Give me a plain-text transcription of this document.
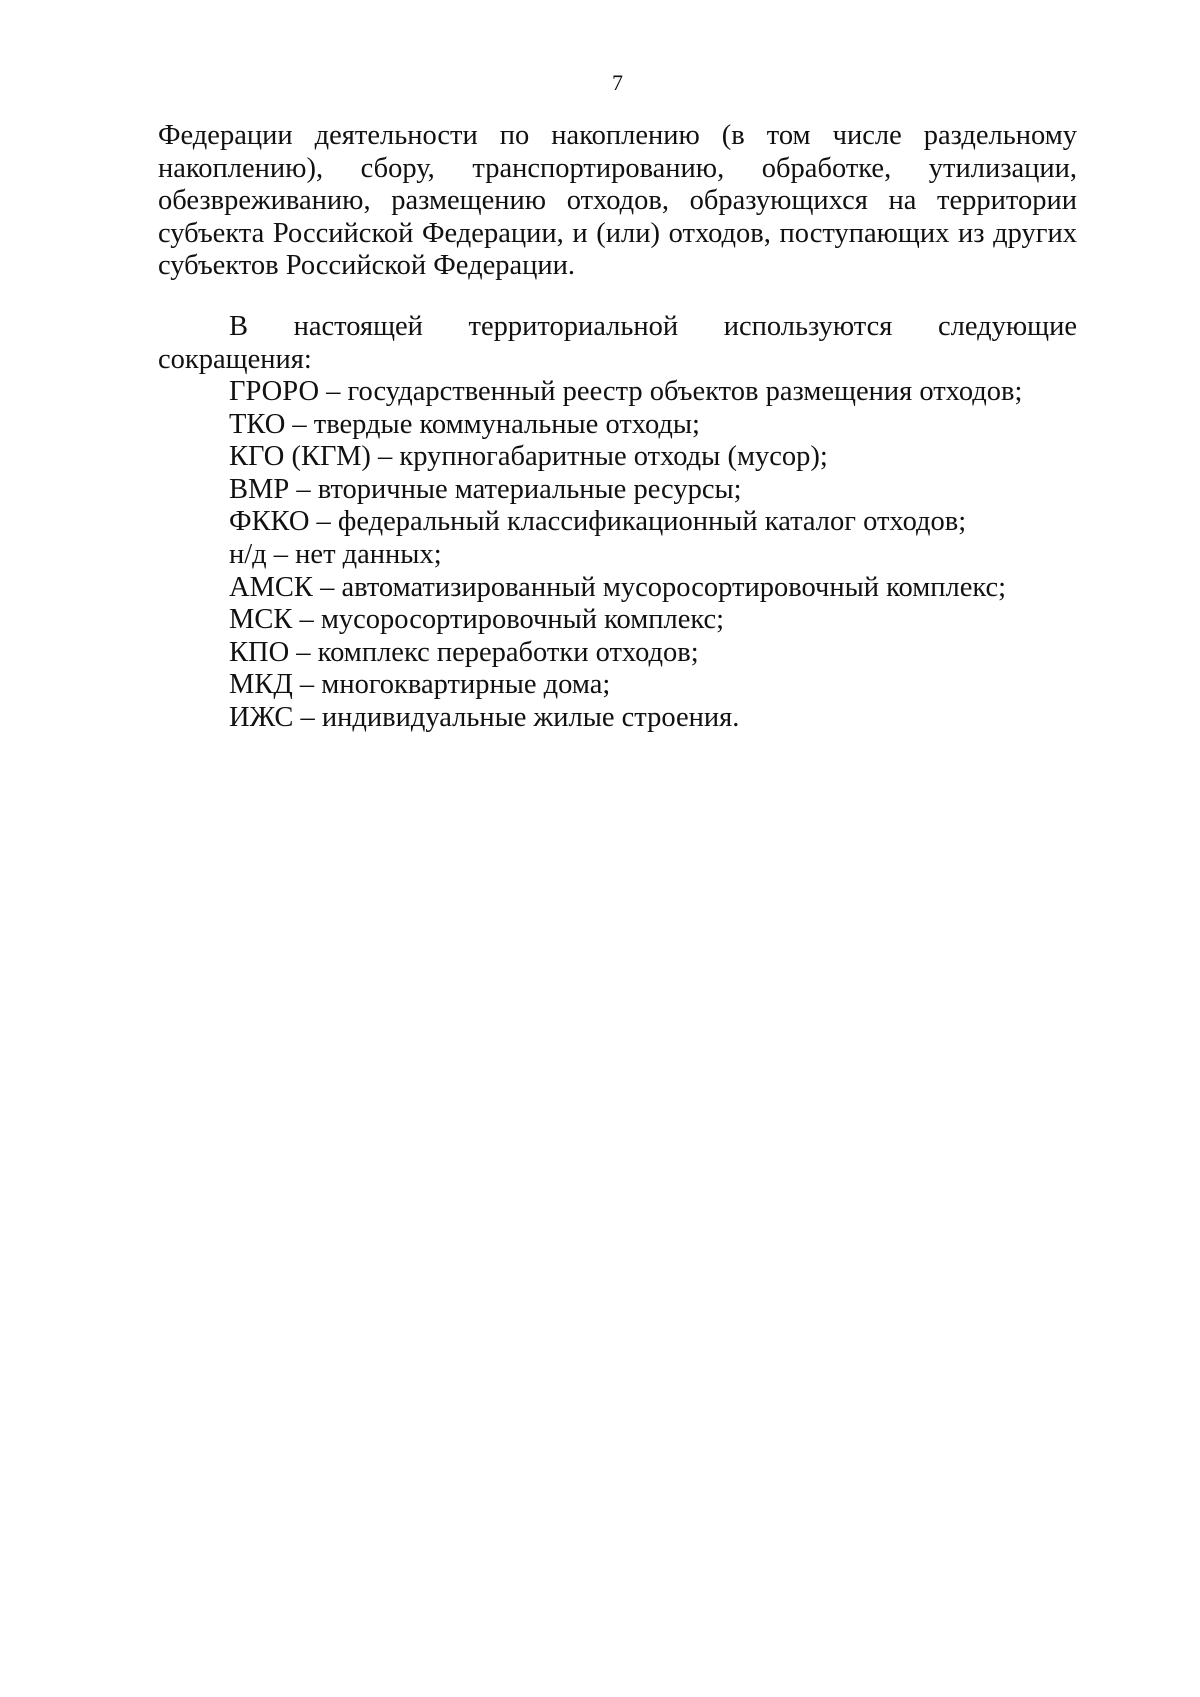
7
Федерации деятельности по накоплению (в том числе раздельному
накоплению), сбору, транспортированию, обработке, утилизации,
обезвреживанию, размещению отходов, образующихся на территории
субъекта Российской Федерации, и (или) отходов, поступающих из других
субъектов Российской Федерации.
В настоящей территориальной используются следующие
сокращения:
ГРОРО – государственный реестр объектов размещения отходов;
ТКО – твердые коммунальные отходы;
КГО (КГМ) – крупногабаритные отходы (мусор);
ВМР – вторичные материальные ресурсы;
ФККО – федеральный классификационный каталог отходов;
н/д – нет данных;
АМСК – автоматизированный мусоросортировочный комплекс;
МСК – мусоросортировочный комплекс;
КПО – комплекс переработки отходов;
МКД – многоквартирные дома;
ИЖС – индивидуальные жилые строения.
